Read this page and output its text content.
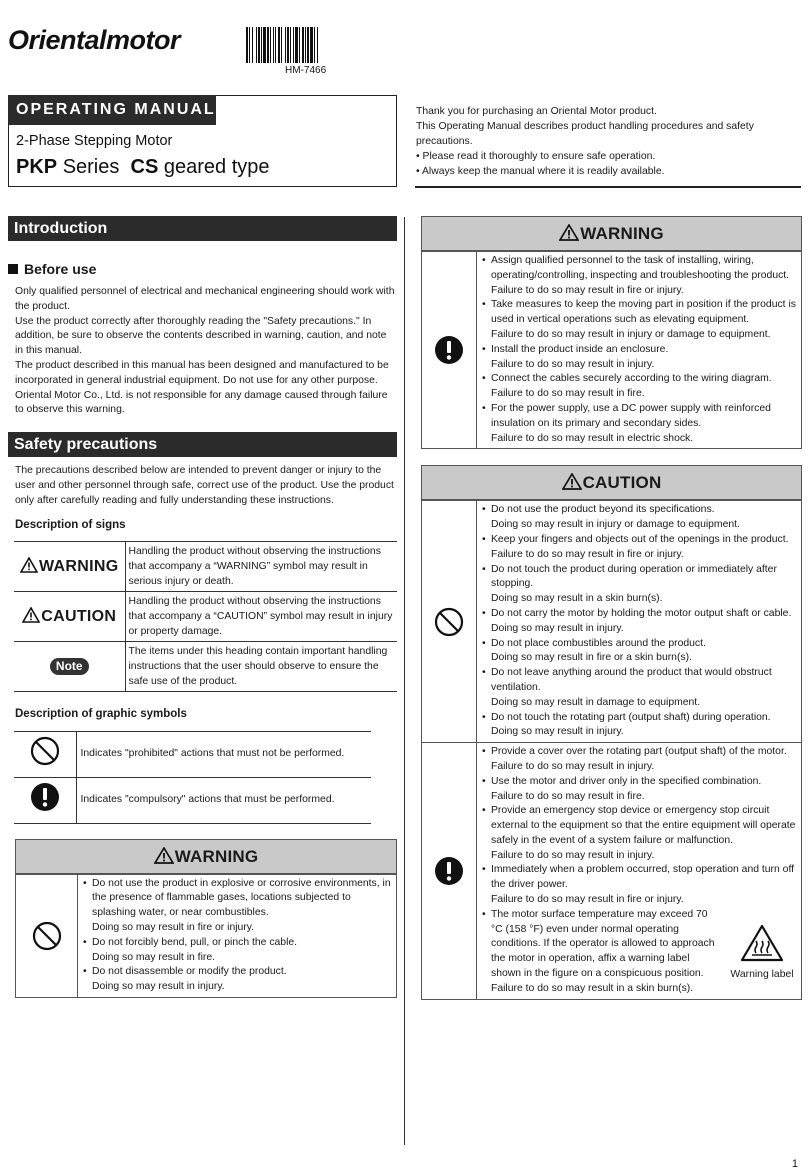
Orientalmotor
HM-7466
OPERATING MANUAL
2-Phase Stepping Motor
PKP Series CS geared type
Thank you for purchasing an Oriental Motor product.
This Operating Manual describes product handling procedures and safety precautions.
• Please read it thoroughly to ensure safe operation.
• Always keep the manual where it is readily available.
Introduction
Before use
Only qualified personnel of electrical and mechanical engineering should work with the product.
Use the product correctly after thoroughly reading the "Safety precautions." In addition, be sure to observe the contents described in warning, caution, and note in this manual.
The product described in this manual has been designed and manufactured to be incorporated in general industrial equipment. Do not use for any other purpose. Oriental Motor Co., Ltd. is not responsible for any damage caused through failure to observe this warning.
Safety precautions
The precautions described below are intended to prevent danger or injury to the user and other personnel through safe, correct use of the product. Use the product only after carefully reading and fully understanding these instructions.
Description of signs
WARNING	Handling the product without observing the instructions that accompany a “WARNING” symbol may result in serious injury or death.
CAUTION	Handling the product without observing the instructions that accompany a “CAUTION” symbol may result in injury or property damage.
Note	The items under this heading contain important handling instructions that the user should observe to ensure the safe use of the product.
Description of graphic symbols
	Indicates "prohibited" actions that must not be performed.
	Indicates "compulsory" actions that must be performed.
WARNING
• Do not use the product in explosive or corrosive environments, in the presence of flammable gases, locations subjected to splashing water, or near combustibles.
Doing so may result in fire or injury.
• Do not forcibly bend, pull, or pinch the cable.
Doing so may result in fire.
• Do not disassemble or modify the product.
Doing so may result in injury.
WARNING
• Assign qualified personnel to the task of installing, wiring, operating/controlling, inspecting and troubleshooting the product.
Failure to do so may result in fire or injury.
• Take measures to keep the moving part in position if the product is used in vertical operations such as elevating equipment.
Failure to do so may result in injury or damage to equipment.
• Install the product inside an enclosure.
Failure to do so may result in injury.
• Connect the cables securely according to the wiring diagram.
Failure to do so may result in fire.
• For the power supply, use a DC power supply with reinforced insulation on its primary and secondary sides.
Failure to do so may result in electric shock.
CAUTION
• Do not use the product beyond its specifications.
Doing so may result in injury or damage to equipment.
• Keep your fingers and objects out of the openings in the product.
Failure to do so may result in fire or injury.
• Do not touch the product during operation or immediately after stopping.
Doing so may result in a skin burn(s).
• Do not carry the motor by holding the motor output shaft or cable.
Doing so may result in injury.
• Do not place combustibles around the product.
Doing so may result in fire or a skin burn(s).
• Do not leave anything around the product that would obstruct ventilation.
Doing so may result in damage to equipment.
• Do not touch the rotating part (output shaft) during operation.
Doing so may result in injury.
• Provide a cover over the rotating part (output shaft) of the motor.
Failure to do so may result in injury.
• Use the motor and driver only in the specified combination.
Failure to do so may result in fire.
• Provide an emergency stop device or emergency stop circuit external to the equipment so that the entire equipment will operate safely in the event of a system failure or malfunction.
Failure to do so may result in injury.
• Immediately when a problem occurred, stop operation and turn off the driver power.
Failure to do so may result in fire or injury.
• The motor surface temperature may exceed 70 °C (158 °F) even under normal operating conditions. If the operator is allowed to approach the motor in operation, affix a warning label shown in the figure on a conspicuous position.
Failure to do so may result in a skin burn(s).
Warning label
1
